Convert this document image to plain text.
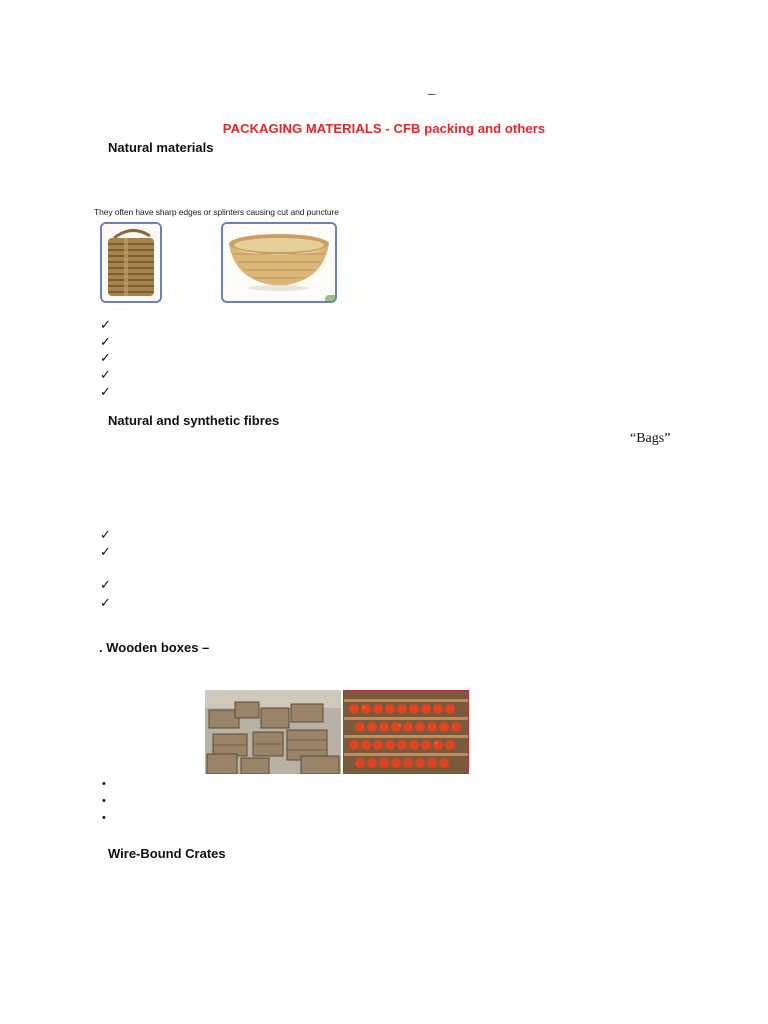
–
PACKAGING MATERIALS - CFB packing and others
Natural materials
They often have sharp edges or splinters causing cut and puncture
✓
✓
✓
✓
✓
Natural and synthetic fibres
“Bags”
✓
✓
✓
✓
. Wooden boxes –
•
•
•
Wire-Bound Crates
